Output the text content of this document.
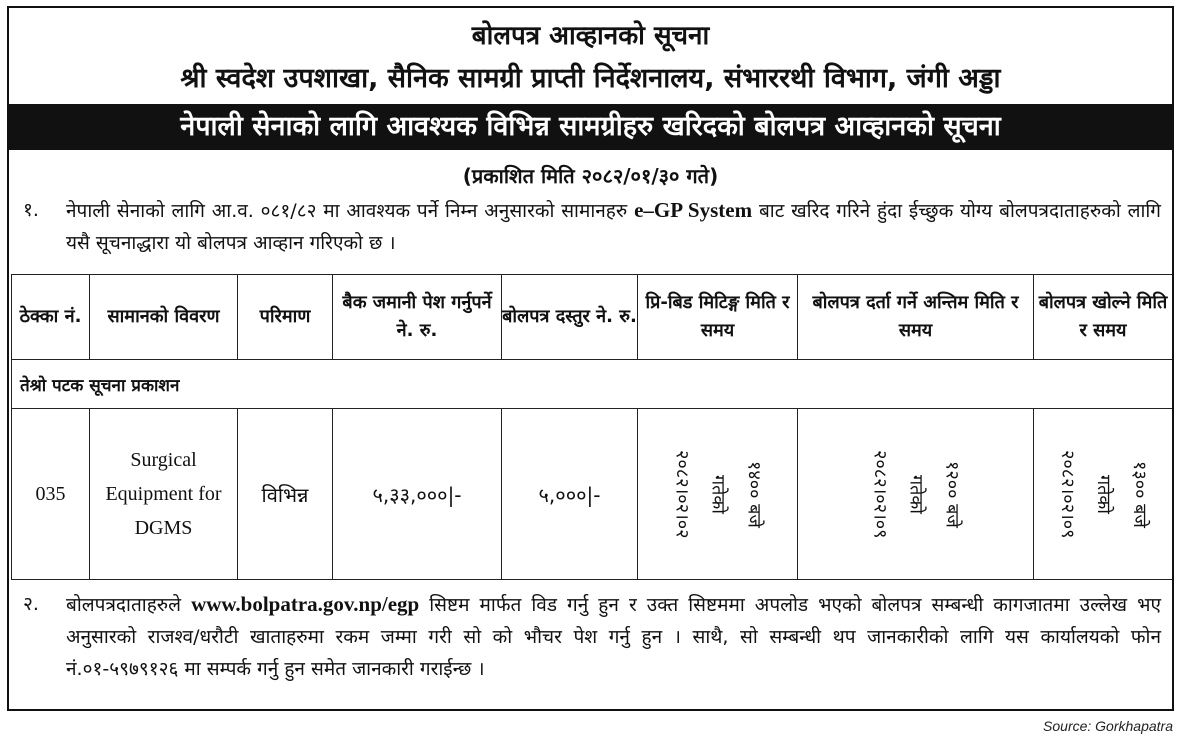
बोलपत्र आव्हानको सूचना
श्री स्वदेश उपशाखा, सैनिक सामग्री प्राप्ती निर्देशनालय, संभाररथी विभाग, जंगी अड्डा
नेपाली सेनाको लागि आवश्यक विभिन्न सामग्रीहरु खरिदको बोलपत्र आव्हानको सूचना
(प्रकाशित मिति २०८२/०१/३० गते)
१. नेपाली सेनाको लागि आ.व. ०८१/८२ मा आवश्यक पर्ने निम्न अनुसारको सामानहरु e–GP System बाट खरिद गरिने हुंदा ईच्छुक योग्य बोलपत्रदाताहरुको लागि यसै सूचनाद्धारा यो बोलपत्र आव्हान गरिएको छ ।
ठेक्का नं.	सामानको विवरण	परिमाण	बैक जमानी पेश गर्नुपर्ने ने. रु.	बोलपत्र दस्तुर ने. रु.	प्रि-बिड मिटिङ्ग मिति र समय	बोलपत्र दर्ता गर्ने अन्तिम मिति र समय	बोलपत्र खोल्ने मिति र समय
तेश्रो पटक सूचना प्रकाशन							
035	Surgical Equipment for DGMS	विभिन्न	५,३३,०००|-	५,०००|-	२०८२।०२।०२ गतेको १४०० बजे	२०८२।०२।०९ गतेको १२०० बजे	२०८२।०२।०९ गतेको १३०० बजे
२. बोलपत्रदाताहरुले www.bolpatra.gov.np/egp सिष्टम मार्फत विड गर्नु हुन र उक्त सिष्टममा अपलोड भएको बोलपत्र सम्बन्धी कागजातमा उल्लेख भए अनुसारको राजश्व/धरौटी खाताहरुमा रकम जम्मा गरी सो को भौचर पेश गर्नु हुन । साथै, सो सम्बन्धी थप जानकारीको लागि यस कार्यालयको फोन नं.०१-५९७९१२६ मा सम्पर्क गर्नु हुन समेत जानकारी गराईन्छ ।
Source: Gorkhapatra
